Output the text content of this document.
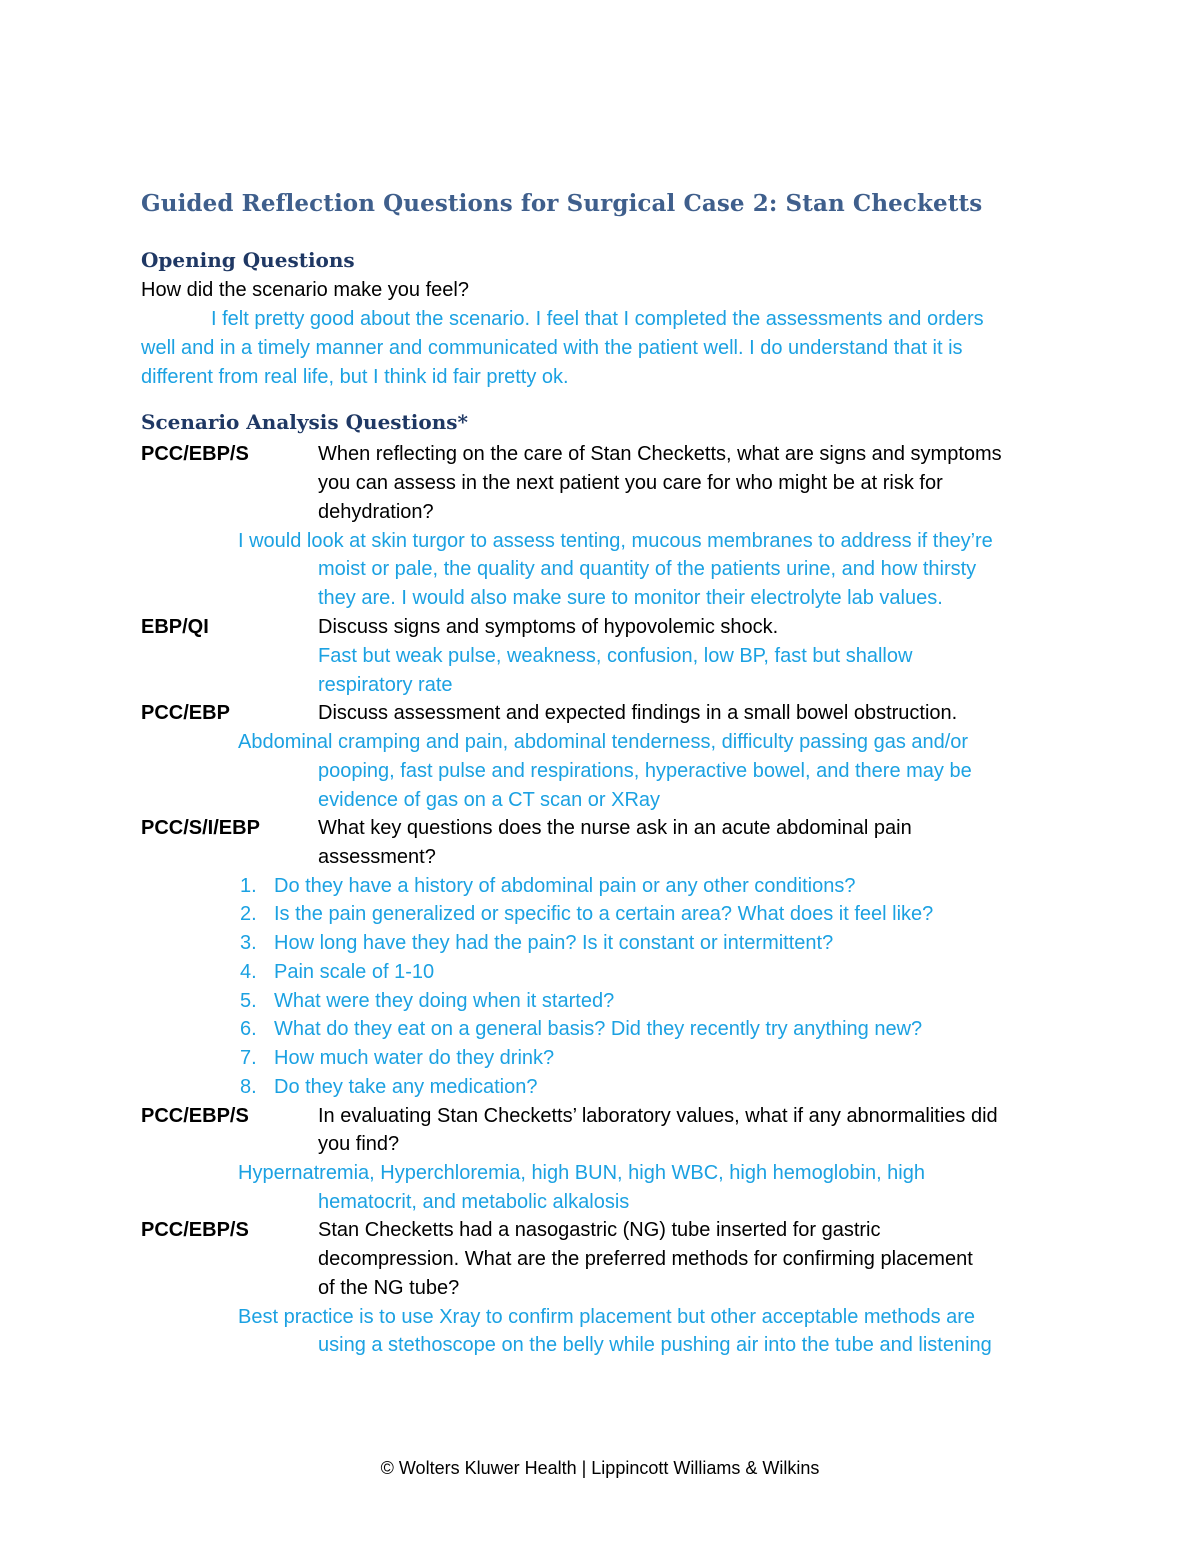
Guided Reflection Questions for Surgical Case 2: Stan Checketts
Opening Questions
How did the scenario make you feel?
I felt pretty good about the scenario. I feel that I completed the assessments and orders
well and in a timely manner and communicated with the patient well. I do understand that it is
different from real life, but I think id fair pretty ok.
Scenario Analysis Questions*
PCC/EBP/S	When reflecting on the care of Stan Checketts, what are signs and symptoms
you can assess in the next patient you care for who might be at risk for
dehydration?
I would look at skin turgor to assess tenting, mucous membranes to address if they’re
moist or pale, the quality and quantity of the patients urine, and how thirsty
they are. I would also make sure to monitor their electrolyte lab values.
EBP/QI	Discuss signs and symptoms of hypovolemic shock.
Fast but weak pulse, weakness, confusion, low BP, fast but shallow
respiratory rate
PCC/EBP	Discuss assessment and expected findings in a small bowel obstruction.
Abdominal cramping and pain, abdominal tenderness, difficulty passing gas and/or
pooping, fast pulse and respirations, hyperactive bowel, and there may be
evidence of gas on a CT scan or XRay
PCC/S/I/EBP	What key questions does the nurse ask in an acute abdominal pain
assessment?
1. Do they have a history of abdominal pain or any other conditions?
2. Is the pain generalized or specific to a certain area? What does it feel like?
3. How long have they had the pain? Is it constant or intermittent?
4. Pain scale of 1-10
5. What were they doing when it started?
6. What do they eat on a general basis? Did they recently try anything new?
7. How much water do they drink?
8. Do they take any medication?
PCC/EBP/S	In evaluating Stan Checketts’ laboratory values, what if any abnormalities did
you find?
Hypernatremia, Hyperchloremia, high BUN, high WBC, high hemoglobin, high
hematocrit, and metabolic alkalosis
PCC/EBP/S	Stan Checketts had a nasogastric (NG) tube inserted for gastric
decompression. What are the preferred methods for confirming placement
of the NG tube?
Best practice is to use Xray to confirm placement but other acceptable methods are
using a stethoscope on the belly while pushing air into the tube and listening
© Wolters Kluwer Health | Lippincott Williams & Wilkins
